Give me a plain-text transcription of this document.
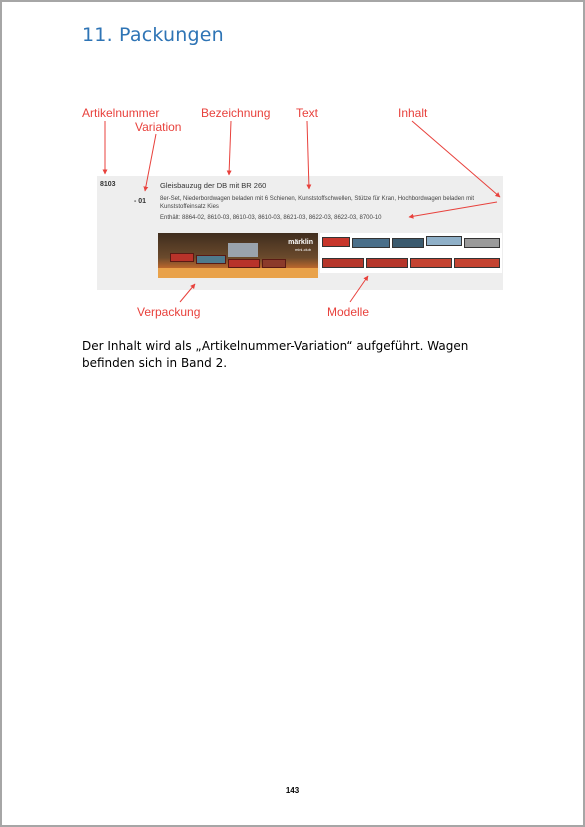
11. Packungen
Artikelnummer
Variation
Bezeichnung Text	Inhalt
Verpackung	Modelle
8103
- 01
Gleisbauzug der DB mit BR 260
8er-Set, Niederbordwagen beladen mit 6 Schienen, Kunststoffschwellen, Stütze für Kran, Hochbordwagen beladen mit Kunststoffeinsatz Kies
Enthält: 8864-02, 8610-03, 8610-03, 8610-03, 8621-03, 8622-03, 8622-03, 8700-10
märklin
mini-club
Der Inhalt wird als „Artikelnummer-Variation“ aufgeführt. Wagen befinden sich in Band 2.
143
